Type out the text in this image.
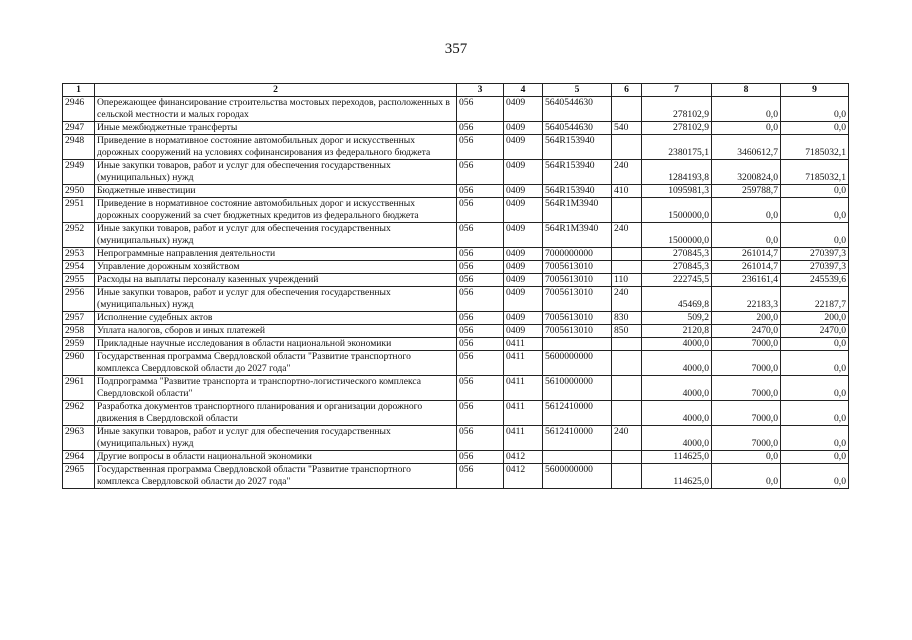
357
1	2	3	4	5	6	7	8	9
2946	Опережающее финансирование строительства мостовых переходов, расположенных в сельской местности и малых городах	056	0409	5640544630		278102,9	0,0	0,0
2947	Иные межбюджетные трансферты	056	0409	5640544630	540	278102,9	0,0	0,0
2948	Приведение в нормативное состояние автомобильных дорог и искусственных дорожных сооружений на условиях софинансирования из федерального бюджета	056	0409	564R153940		2380175,1	3460612,7	7185032,1
2949	Иные закупки товаров, работ и услуг для обеспечения государственных (муниципальных) нужд	056	0409	564R153940	240	1284193,8	3200824,0	7185032,1
2950	Бюджетные инвестиции	056	0409	564R153940	410	1095981,3	259788,7	0,0
2951	Приведение в нормативное состояние автомобильных дорог и искусственных дорожных сооружений за счет бюджетных кредитов из федерального бюджета	056	0409	564R1M3940		1500000,0	0,0	0,0
2952	Иные закупки товаров, работ и услуг для обеспечения государственных (муниципальных) нужд	056	0409	564R1M3940	240	1500000,0	0,0	0,0
2953	Непрограммные направления деятельности	056	0409	7000000000		270845,3	261014,7	270397,3
2954	Управление дорожным хозяйством	056	0409	7005613010		270845,3	261014,7	270397,3
2955	Расходы на выплаты персоналу казенных учреждений	056	0409	7005613010	110	222745,5	236161,4	245539,6
2956	Иные закупки товаров, работ и услуг для обеспечения государственных (муниципальных) нужд	056	0409	7005613010	240	45469,8	22183,3	22187,7
2957	Исполнение судебных актов	056	0409	7005613010	830	509,2	200,0	200,0
2958	Уплата налогов, сборов и иных платежей	056	0409	7005613010	850	2120,8	2470,0	2470,0
2959	Прикладные научные исследования в области национальной экономики	056	0411			4000,0	7000,0	0,0
2960	Государственная программа Свердловской области "Развитие транспортного комплекса Свердловской области до 2027 года"	056	0411	5600000000		4000,0	7000,0	0,0
2961	Подпрограмма "Развитие транспорта и транспортно-логистического комплекса Свердловской области"	056	0411	5610000000		4000,0	7000,0	0,0
2962	Разработка документов транспортного планирования и организации дорожного движения в Свердловской области	056	0411	5612410000		4000,0	7000,0	0,0
2963	Иные закупки товаров, работ и услуг для обеспечения государственных (муниципальных) нужд	056	0411	5612410000	240	4000,0	7000,0	0,0
2964	Другие вопросы в области национальной экономики	056	0412			114625,0	0,0	0,0
2965	Государственная программа Свердловской области "Развитие транспортного комплекса Свердловской области до 2027 года"	056	0412	5600000000		114625,0	0,0	0,0
